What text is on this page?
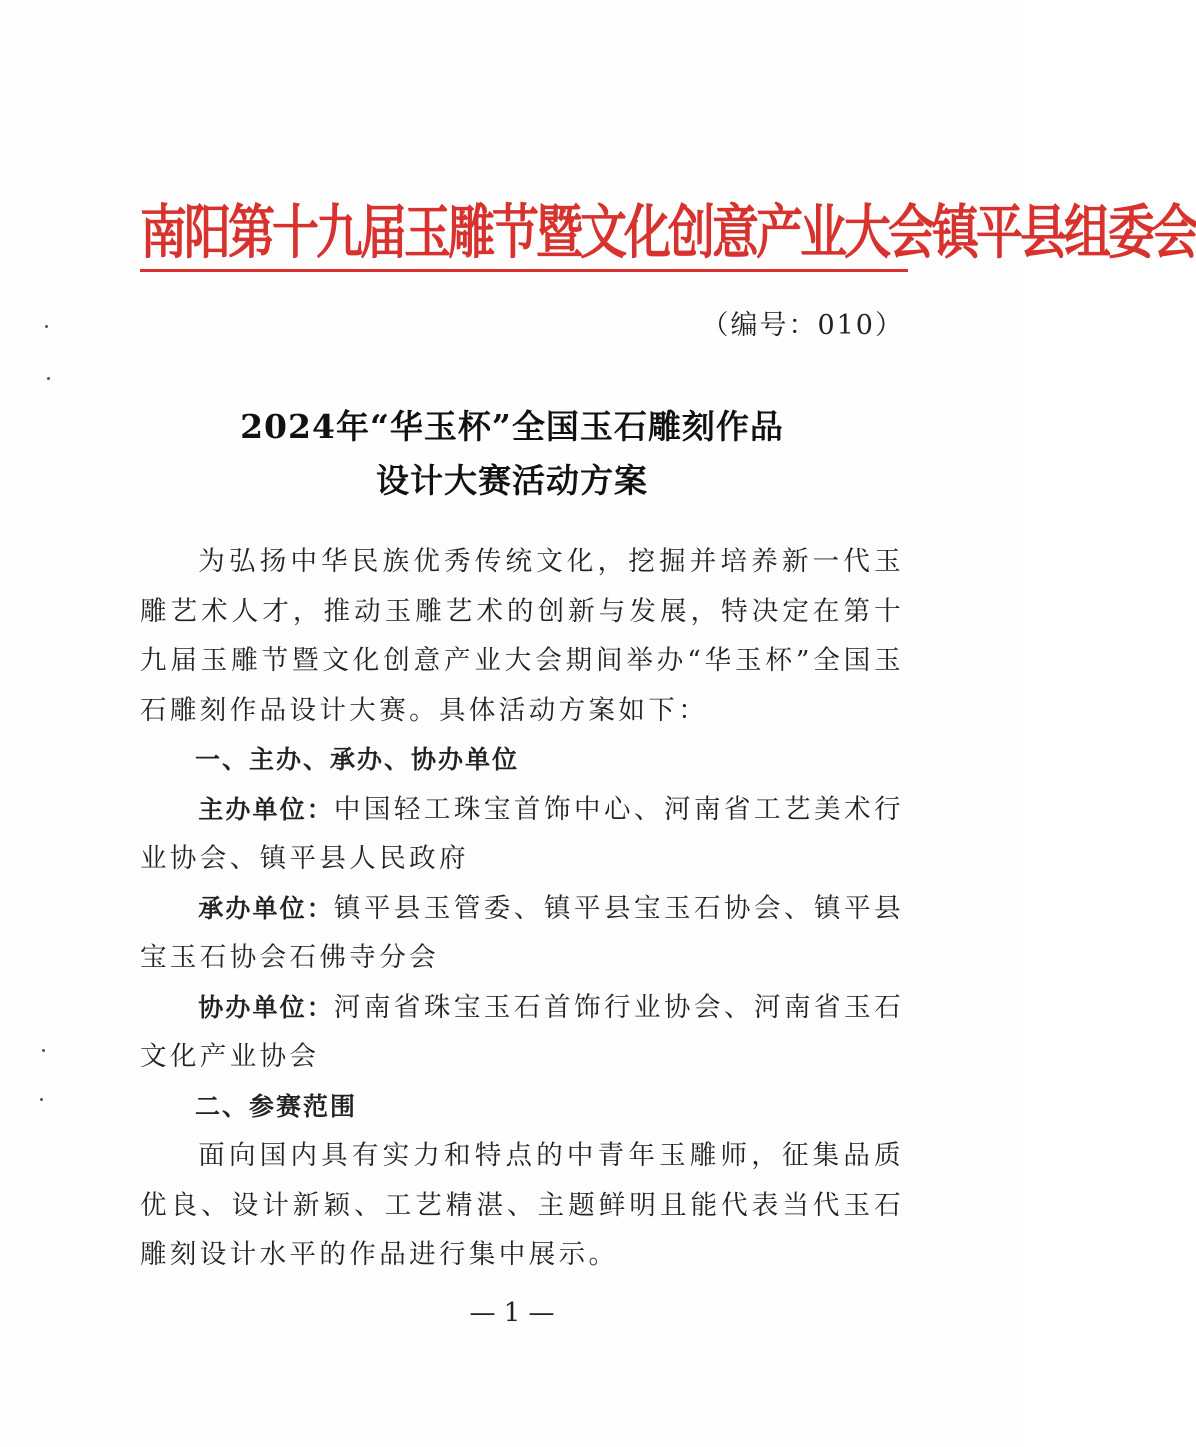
南阳第十九届玉雕节暨文化创意产业大会镇平县组委会
（编号：010）
2024年“华玉杯”全国玉石雕刻作品
设计大赛活动方案

为弘扬中华民族优秀传统文化，挖掘并培养新一代玉雕艺术人才，推动玉雕艺术的创新与发展，特决定在第十九届玉雕节暨文化创意产业大会期间举办“华玉杯”全国玉石雕刻作品设计大赛。具体活动方案如下：

一、主办、承办、协办单位

主办单位：中国轻工珠宝首饰中心、河南省工艺美术行业协会、镇平县人民政府

承办单位：镇平县玉管委、镇平县宝玉石协会、镇平县宝玉石协会石佛寺分会

协办单位：河南省珠宝玉石首饰行业协会、河南省玉石文化产业协会

二、参赛范围

面向国内具有实力和特点的中青年玉雕师，征集品质优良、设计新颖、工艺精湛、主题鲜明且能代表当代玉石雕刻设计水平的作品进行集中展示。

— 1 —
